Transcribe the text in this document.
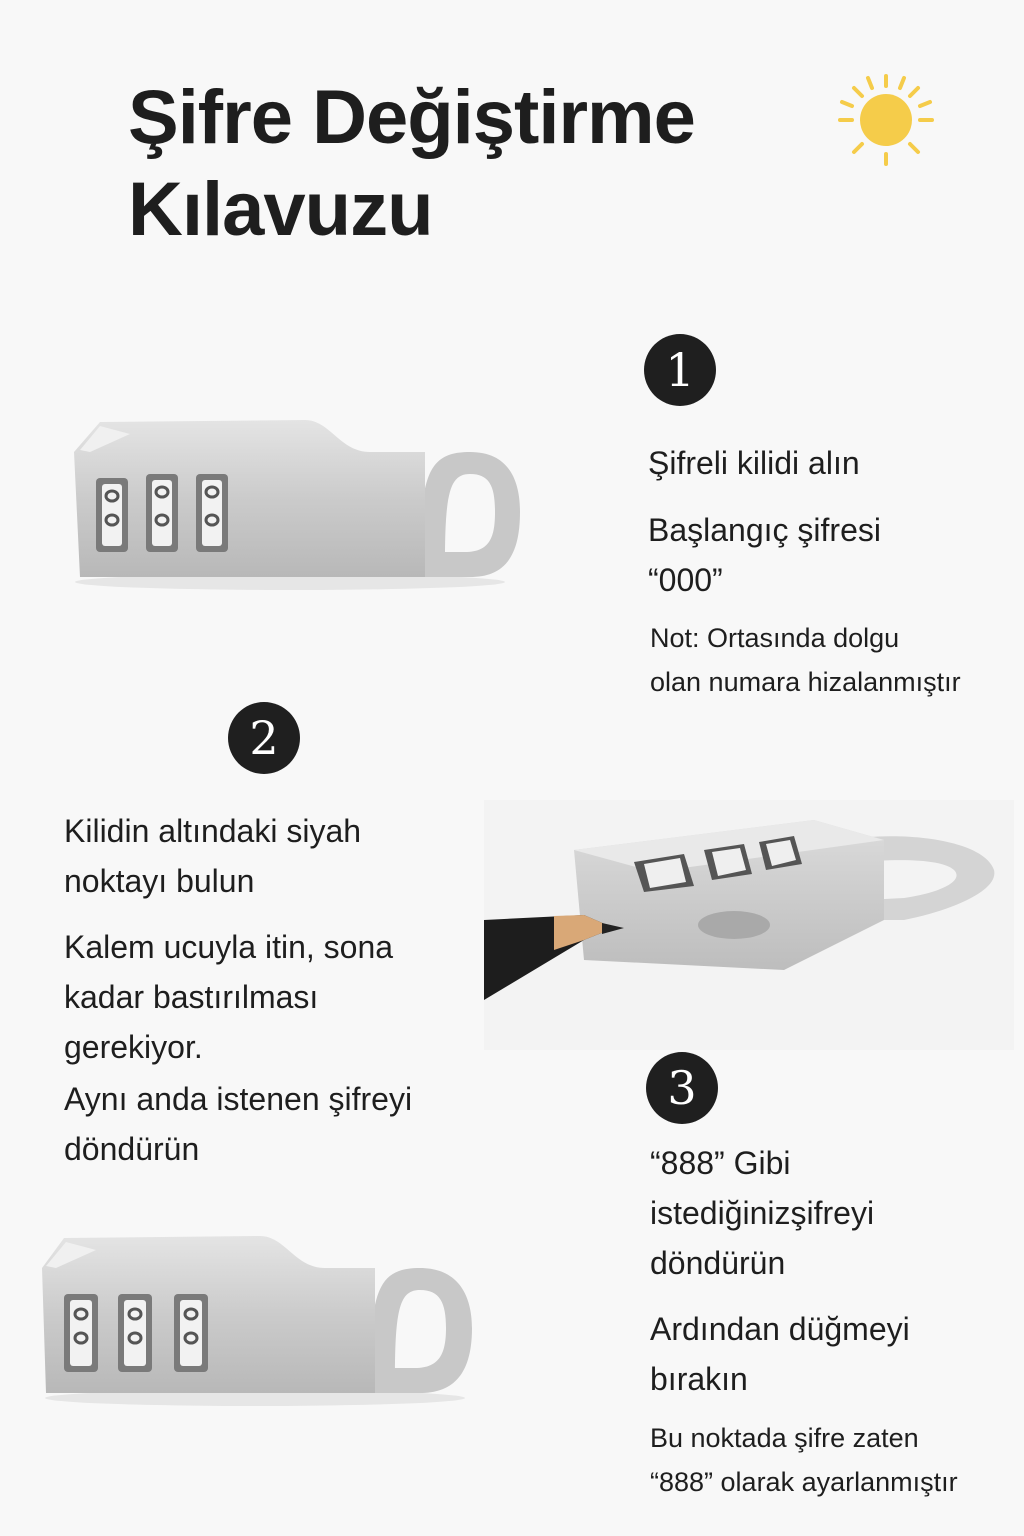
Şifre Değiştirme
Kılavuzu
1
Şifreli kilidi alın
Başlangıç şifresi
“000”
Not: Ortasında dolgu
olan numara hizalanmıştır
2
Kilidin altındaki siyah
noktayı bulun
Kalem ucuyla itin, sona
kadar bastırılması
gerekiyor.
Aynı anda istenen şifreyi
döndürün
3
“888” Gibi
istediğinizşifreyi
döndürün
Ardından düğmeyi
bırakın
Bu noktada şifre zaten
“888” olarak ayarlanmıştır
